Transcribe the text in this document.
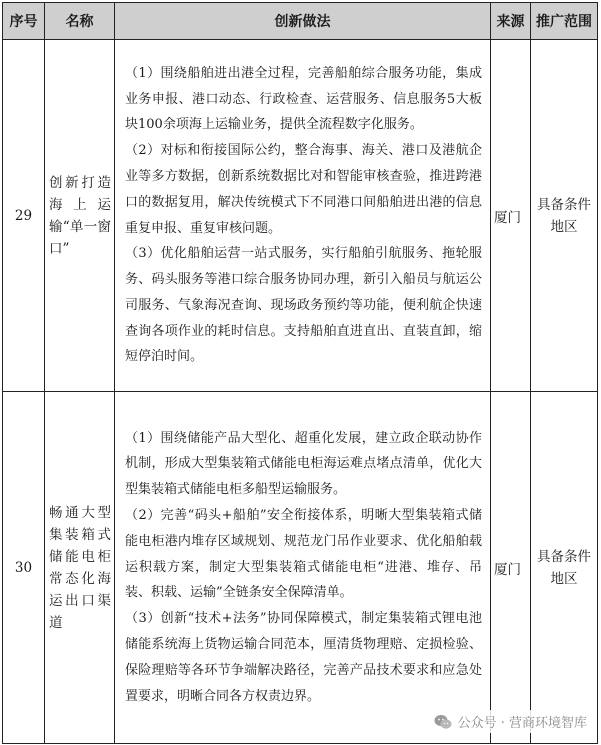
序号	名称	创新做法	来源	推广范围
29	创新打造海上运输“单一窗口”	（1）围绕船舶进出港全过程，完善船舶综合服务功能，集成业务申报、港口动态、行政检查、运营服务、信息服务5大板块100余项海上运输业务，提供全流程数字化服务。

（2）对标和衔接国际公约，整合海事、海关、港口及港航企业等多方数据，创新系统数据比对和智能审核查验，推进跨港口的数据复用，解决传统模式下不同港口间船舶进出港的信息重复申报、重复审核问题。

（3）优化船舶运营一站式服务，实行船舶引航服务、拖轮服务、码头服务等港口综合服务协同办理，新引入船员与航运公司服务、气象海况查询、现场政务预约等功能，便利航企快速查询各项作业的耗时信息。支持船舶直进直出、直装直卸，缩短停泊时间。	厦门	具备条件地区
30	畅通大型集装箱式储能电柜常态化海运出口渠道	（1）围绕储能产品大型化、超重化发展，建立政企联动协作机制，形成大型集装箱式储能电柜海运难点堵点清单，优化大型集装箱式储能电柜多船型运输服务。

（2）完善“码头+船舶”安全衔接体系，明晰大型集装箱式储能电柜港内堆存区域规划、规范龙门吊作业要求、优化船舶载运积载方案，制定大型集装箱式储能电柜“进港、堆存、吊装、积载、运输”全链条安全保障清单。

（3）创新“技术+法务”协同保障模式，制定集装箱式锂电池储能系统海上货物运输合同范本，厘清货物理赔、定损检验、保险理赔等各环节争端解决路径，完善产品技术要求和应急处置要求，明晰合同各方权责边界。	厦门	具备条件地区
公众号 · 营商环境智库
